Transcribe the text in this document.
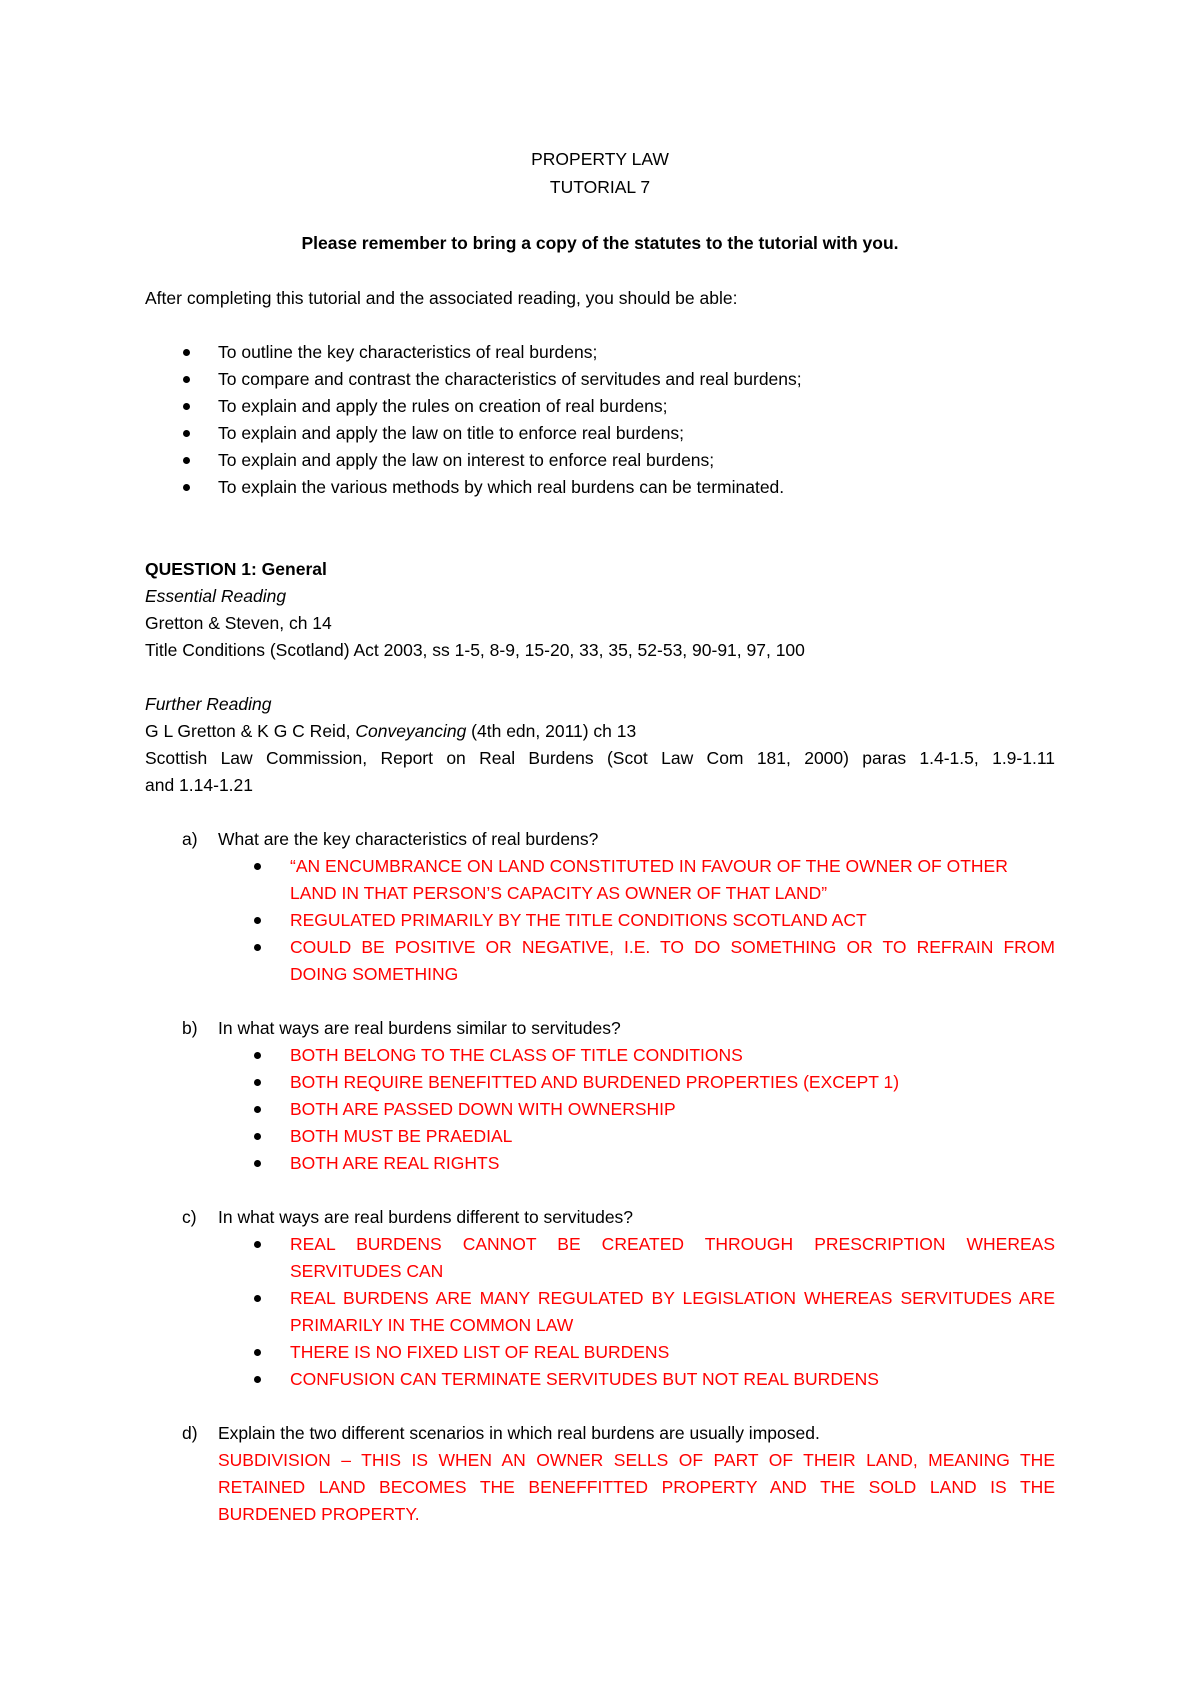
PROPERTY LAW
TUTORIAL 7
Please remember to bring a copy of the statutes to the tutorial with you.
After completing this tutorial and the associated reading, you should be able:
To outline the key characteristics of real burdens;
To compare and contrast the characteristics of servitudes and real burdens;
To explain and apply the rules on creation of real burdens;
To explain and apply the law on title to enforce real burdens;
To explain and apply the law on interest to enforce real burdens;
To explain the various methods by which real burdens can be terminated.
QUESTION 1: General
Essential Reading
Gretton & Steven, ch 14
Title Conditions (Scotland) Act 2003, ss 1-5, 8-9, 15-20, 33, 35, 52-53, 90-91, 97, 100
Further Reading
G L Gretton & K G C Reid, Conveyancing (4th edn, 2011) ch 13
Scottish Law Commission, Report on Real Burdens (Scot Law Com 181, 2000) paras 1.4-1.5, 1.9-1.11
and 1.14-1.21
a) What are the key characteristics of real burdens?
“AN ENCUMBRANCE ON LAND CONSTITUTED IN FAVOUR OF THE OWNER OF OTHER
LAND IN THAT PERSON’S CAPACITY AS OWNER OF THAT LAND”
REGULATED PRIMARILY BY THE TITLE CONDITIONS SCOTLAND ACT
COULD BE POSITIVE OR NEGATIVE, I.E. TO DO SOMETHING OR TO REFRAIN FROM
DOING SOMETHING
b) In what ways are real burdens similar to servitudes?
BOTH BELONG TO THE CLASS OF TITLE CONDITIONS
BOTH REQUIRE BENEFITTED AND BURDENED PROPERTIES (EXCEPT 1)
BOTH ARE PASSED DOWN WITH OWNERSHIP
BOTH MUST BE PRAEDIAL
BOTH ARE REAL RIGHTS
c) In what ways are real burdens different to servitudes?
REAL BURDENS CANNOT BE CREATED THROUGH PRESCRIPTION WHEREAS
SERVITUDES CAN
REAL BURDENS ARE MANY REGULATED BY LEGISLATION WHEREAS SERVITUDES ARE
PRIMARILY IN THE COMMON LAW
THERE IS NO FIXED LIST OF REAL BURDENS
CONFUSION CAN TERMINATE SERVITUDES BUT NOT REAL BURDENS
d) Explain the two different scenarios in which real burdens are usually imposed.
SUBDIVISION – THIS IS WHEN AN OWNER SELLS OF PART OF THEIR LAND, MEANING THE
RETAINED LAND BECOMES THE BENEFFITTED PROPERTY AND THE SOLD LAND IS THE
BURDENED PROPERTY.
